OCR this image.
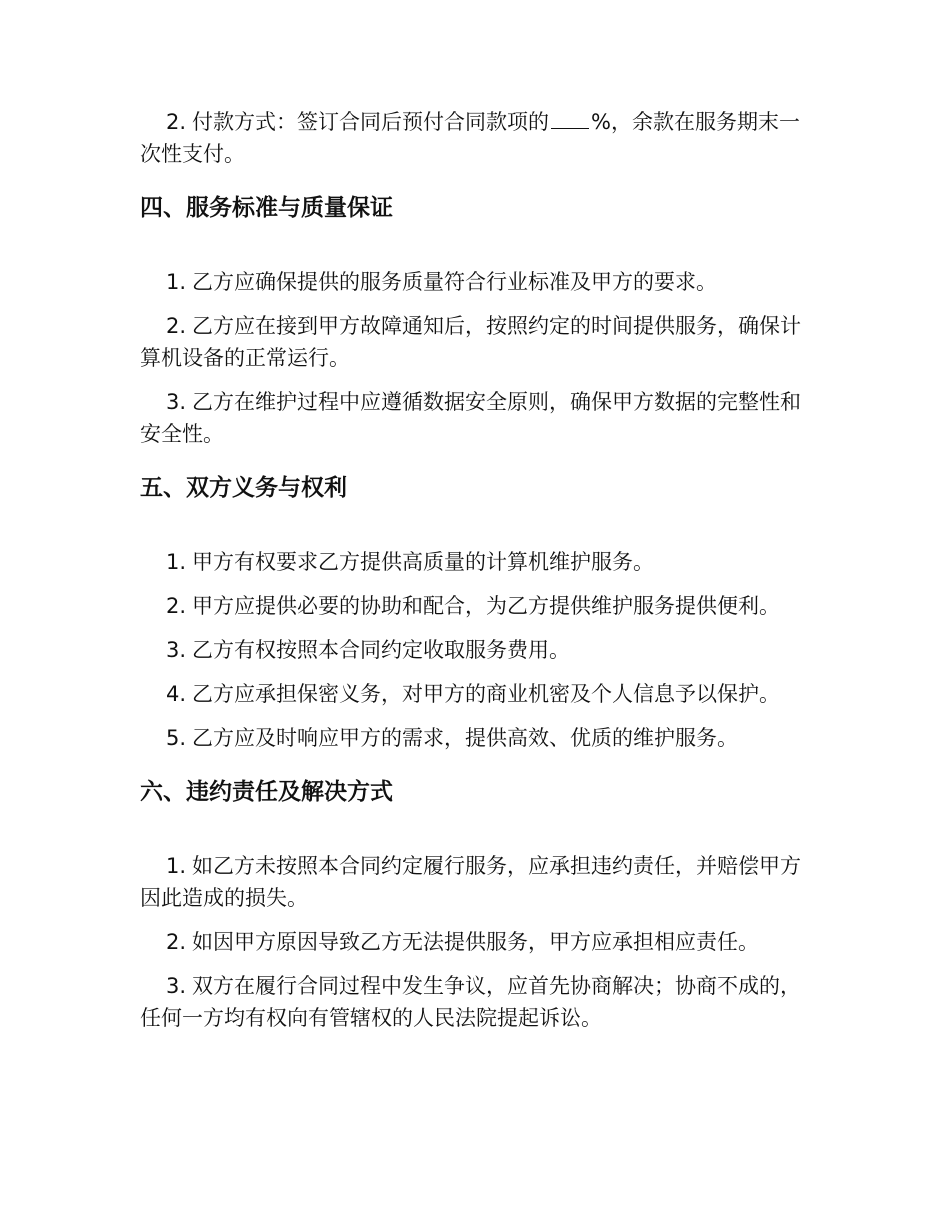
2. 付款方式：签订合同后预付合同款项的 %，余款在服务期末一次性支付。

四、服务标准与质量保证

1. 乙方应确保提供的服务质量符合行业标准及甲方的要求。

2. 乙方应在接到甲方故障通知后，按照约定的时间提供服务，确保计算机设备的正常运行。

3. 乙方在维护过程中应遵循数据安全原则，确保甲方数据的完整性和安全性。

五、双方义务与权利

1. 甲方有权要求乙方提供高质量的计算机维护服务。

2. 甲方应提供必要的协助和配合，为乙方提供维护服务提供便利。

3. 乙方有权按照本合同约定收取服务费用。

4. 乙方应承担保密义务，对甲方的商业机密及个人信息予以保护。

5. 乙方应及时响应甲方的需求，提供高效、优质的维护服务。

六、违约责任及解决方式

1. 如乙方未按照本合同约定履行服务，应承担违约责任，并赔偿甲方因此造成的损失。

2. 如因甲方原因导致乙方无法提供服务，甲方应承担相应责任。

3. 双方在履行合同过程中发生争议，应首先协商解决；协商不成的，任何一方均有权向有管辖权的人民法院提起诉讼。
